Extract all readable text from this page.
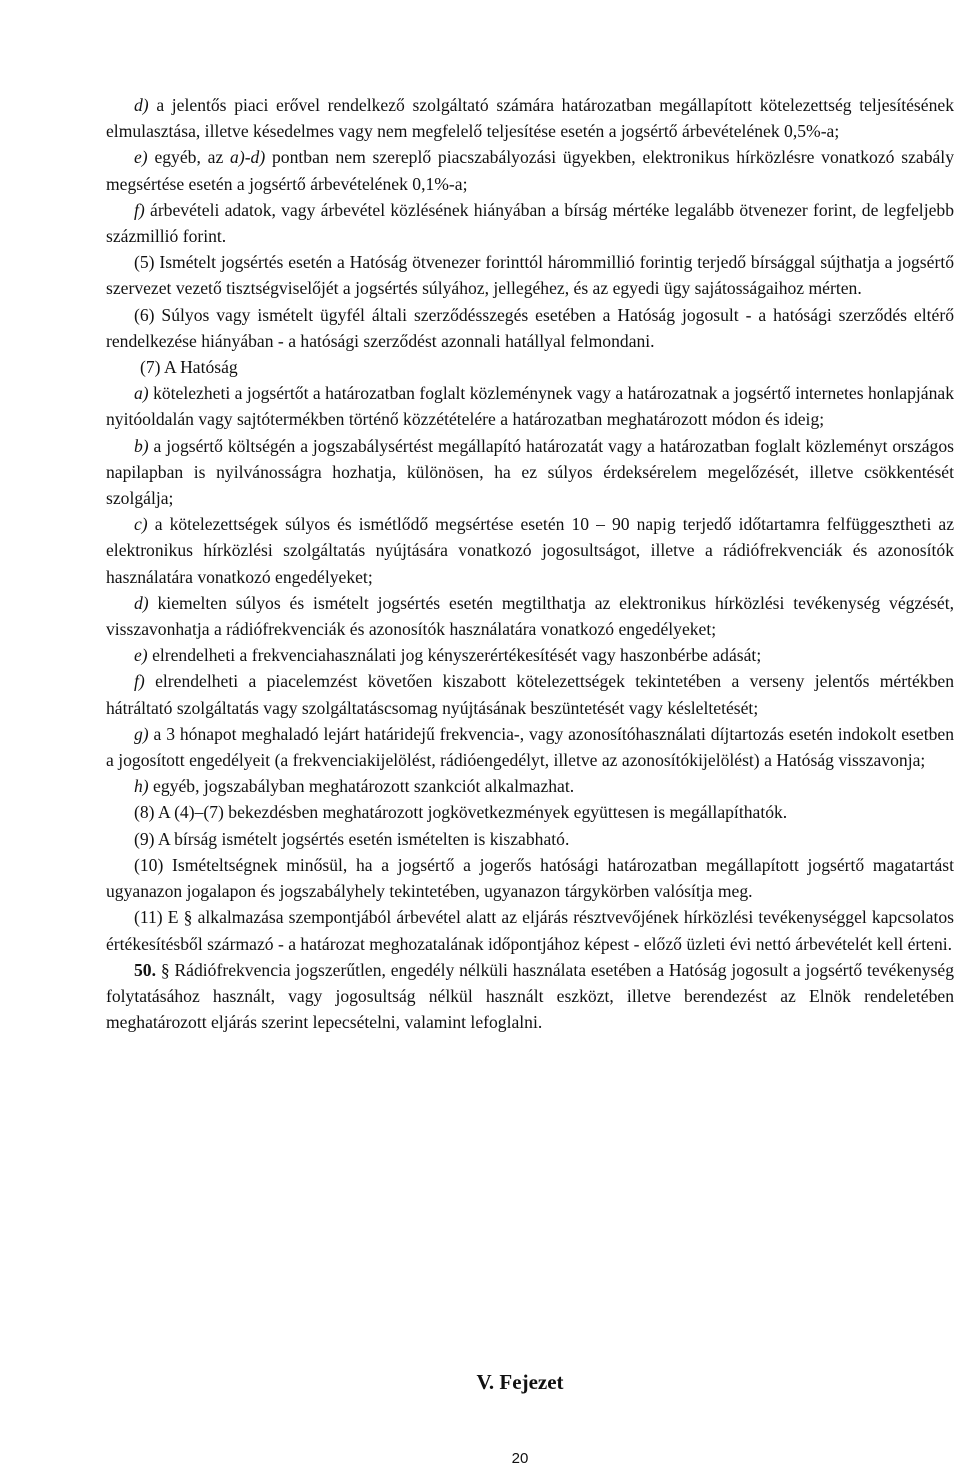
d) a jelentős piaci erővel rendelkező szolgáltató számára határozatban megállapított kötelezettség teljesítésének elmulasztása, illetve késedelmes vagy nem megfelelő teljesítése esetén a jogsértő árbevételének 0,5%-a;

e) egyéb, az a)-d) pontban nem szereplő piacszabályozási ügyekben, elektronikus hírközlésre vonatkozó szabály megsértése esetén a jogsértő árbevételének 0,1%-a;

f) árbevételi adatok, vagy árbevétel közlésének hiányában a bírság mértéke legalább ötvenezer forint, de legfeljebb százmillió forint.

(5) Ismételt jogsértés esetén a Hatóság ötvenezer forinttól hárommillió forintig terjedő bírsággal sújthatja a jogsértő szervezet vezető tisztségviselőjét a jogsértés súlyához, jellegéhez, és az egyedi ügy sajátosságaihoz mérten.

(6) Súlyos vagy ismételt ügyfél általi szerződésszegés esetében a Hatóság jogosult - a hatósági szerződés eltérő rendelkezése hiányában - a hatósági szerződést azonnali hatállyal felmondani.

(7) A Hatóság

a) kötelezheti a jogsértőt a határozatban foglalt közleménynek vagy a határozatnak a jogsértő internetes honlapjának nyitóoldalán vagy sajtótermékben történő közzétételére a határozatban meghatározott módon és ideig;

b) a jogsértő költségén a jogszabálysértést megállapító határozatát vagy a határozatban foglalt közleményt országos napilapban is nyilvánosságra hozhatja, különösen, ha ez súlyos érdeksérelem megelőzését, illetve csökkentését szolgálja;

c) a kötelezettségek súlyos és ismétlődő megsértése esetén 10 – 90 napig terjedő időtartamra felfüggesztheti az elektronikus hírközlési szolgáltatás nyújtására vonatkozó jogosultságot, illetve a rádiófrekvenciák és azonosítók használatára vonatkozó engedélyeket;

d) kiemelten súlyos és ismételt jogsértés esetén megtilthatja az elektronikus hírközlési tevékenység végzését, visszavonhatja a rádiófrekvenciák és azonosítók használatára vonatkozó engedélyeket;

e) elrendelheti a frekvenciahasználati jog kényszerértékesítését vagy haszonbérbe adását;

f) elrendelheti a piacelemzést követően kiszabott kötelezettségek tekintetében a verseny jelentős mértékben hátráltató szolgáltatás vagy szolgáltatáscsomag nyújtásának beszüntetését vagy késleltetését;

g) a 3 hónapot meghaladó lejárt határidejű frekvencia-, vagy azonosítóhasználati díjtartozás esetén indokolt esetben a jogosított engedélyeit (a frekvenciakijelölést, rádióengedélyt, illetve az azonosítókijelölést) a Hatóság visszavonja;

h) egyéb, jogszabályban meghatározott szankciót alkalmazhat.

(8) A (4)–(7) bekezdésben meghatározott jogkövetkezmények együttesen is megállapíthatók.

(9) A bírság ismételt jogsértés esetén ismételten is kiszabható.

(10) Ismételtségnek minősül, ha a jogsértő a jogerős hatósági határozatban megállapított jogsértő magatartást ugyanazon jogalapon és jogszabályhely tekintetében, ugyanazon tárgykörben valósítja meg.

(11) E § alkalmazása szempontjából árbevétel alatt az eljárás résztvevőjének hírközlési tevékenységgel kapcsolatos értékesítésből származó - a határozat meghozatalának időpontjához képest - előző üzleti évi nettó árbevételét kell érteni.

50. § Rádiófrekvencia jogszerűtlen, engedély nélküli használata esetében a Hatóság jogosult a jogsértő tevékenység folytatásához használt, vagy jogosultság nélkül használt eszközt, illetve berendezést az Elnök rendeletében meghatározott eljárás szerint lepecsételni, valamint lefoglalni.

V. Fejezet
20
